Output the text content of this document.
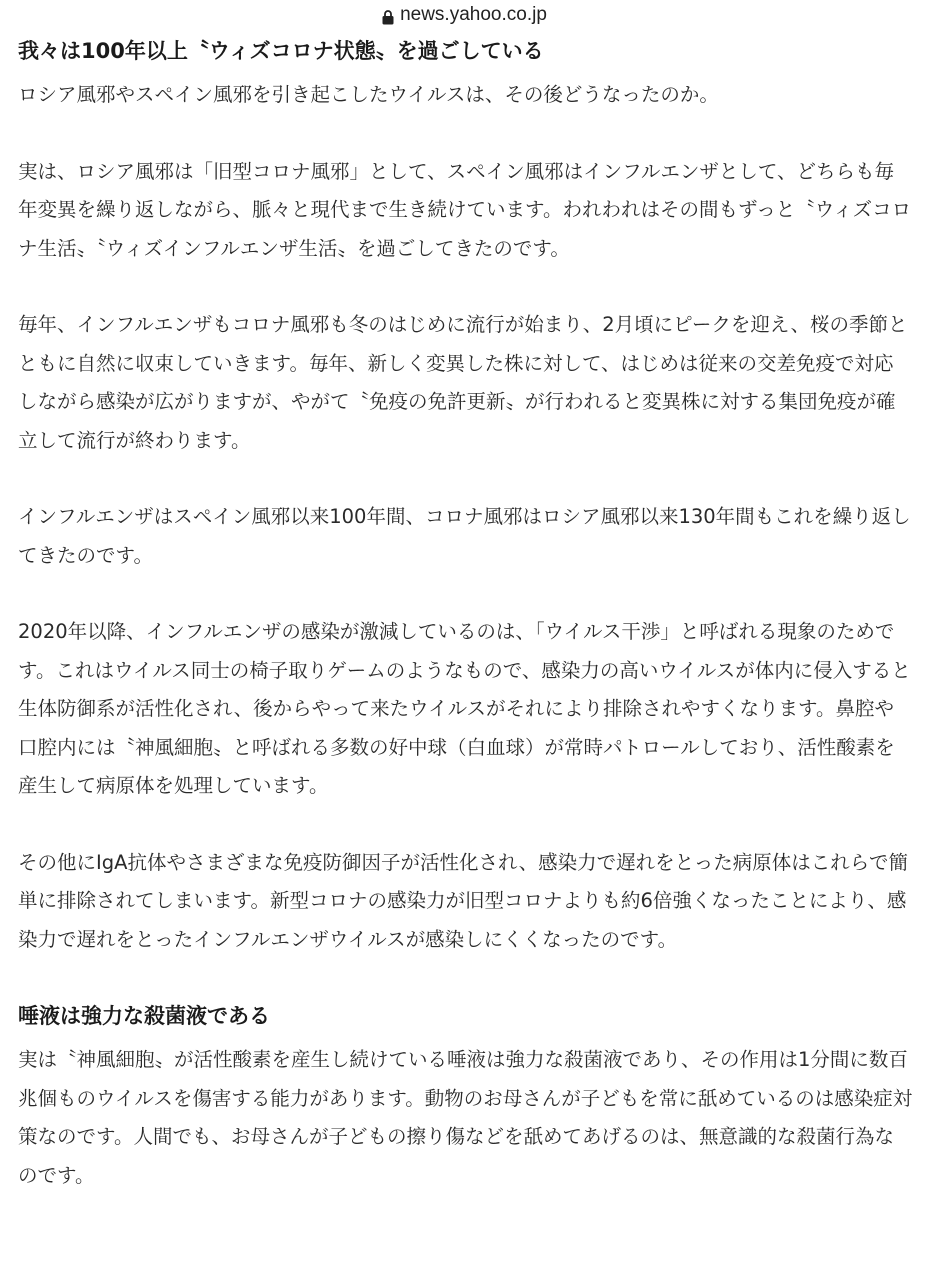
news.yahoo.co.jp
我々は100年以上〝ウィズコロナ状態〟を過ごしている

ロシア風邪やスペイン風邪を引き起こしたウイルスは、その後どうなったのか。

実は、ロシア風邪は「旧型コロナ風邪」として、スペイン風邪はインフルエンザとして、どちらも毎年変異を繰り返しながら、脈々と現代まで生き続けています。われわれはその間もずっと〝ウィズコロナ生活〟〝ウィズインフルエンザ生活〟を過ごしてきたのです。

毎年、インフルエンザもコロナ風邪も冬のはじめに流行が始まり、2月頃にピークを迎え、桜の季節とともに自然に収束していきます。毎年、新しく変異した株に対して、はじめは従来の交差免疫で対応しながら感染が広がりますが、やがて〝免疫の免許更新〟が行われると変異株に対する集団免疫が確立して流行が終わります。

インフルエンザはスペイン風邪以来100年間、コロナ風邪はロシア風邪以来130年間もこれを繰り返してきたのです。

2020年以降、インフルエンザの感染が激減しているのは、「ウイルス干渉」と呼ばれる現象のためです。これはウイルス同士の椅子取りゲームのようなもので、感染力の高いウイルスが体内に侵入すると生体防御系が活性化され、後からやって来たウイルスがそれにより排除されやすくなります。鼻腔や口腔内には〝神風細胞〟と呼ばれる多数の好中球（白血球）が常時パトロールしており、活性酸素を産生して病原体を処理しています。

その他にIgA抗体やさまざまな免疫防御因子が活性化され、感染力で遅れをとった病原体はこれらで簡単に排除されてしまいます。新型コロナの感染力が旧型コロナよりも約6倍強くなったことにより、感染力で遅れをとったインフルエンザウイルスが感染しにくくなったのです。

唾液は強力な殺菌液である

実は〝神風細胞〟が活性酸素を産生し続けている唾液は強力な殺菌液であり、その作用は1分間に数百兆個ものウイルスを傷害する能力があります。動物のお母さんが子どもを常に舐めているのは感染症対策なのです。人間でも、お母さんが子どもの擦り傷などを舐めてあげるのは、無意識的な殺菌行為なのです。
